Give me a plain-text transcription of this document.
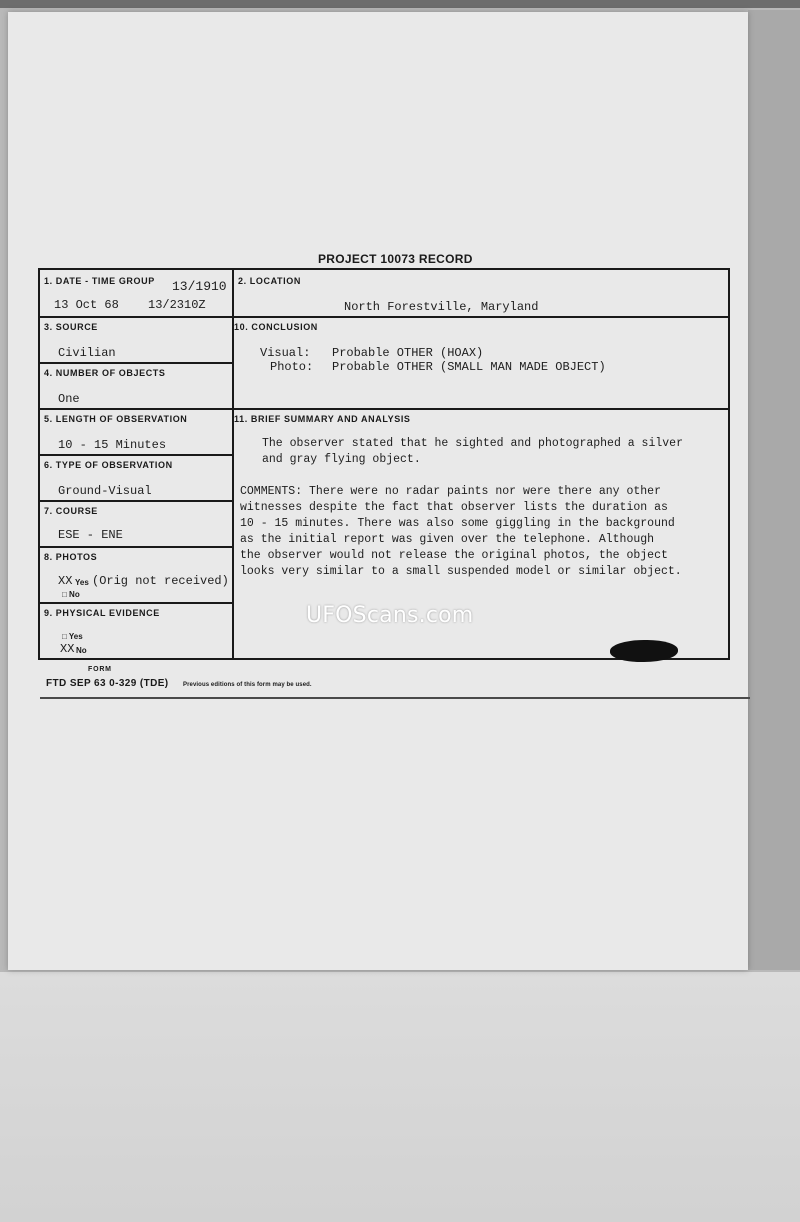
PROJECT 10073 RECORD
1. DATE - TIME GROUP 13/1910
13 Oct 68 13/2310Z
2. LOCATION
North Forestville, Maryland
3. SOURCE
Civilian
10. CONCLUSION
Visual: Probable OTHER (HOAX)
Photo: Probable OTHER (SMALL MAN MADE OBJECT)
4. NUMBER OF OBJECTS
One
5. LENGTH OF OBSERVATION
10 - 15 Minutes
11. BRIEF SUMMARY AND ANALYSIS

The observer stated that he sighted and photographed a silver

and gray flying object.

COMMENTS: There were no radar paints nor were there any other

witnesses despite the fact that observer lists the duration as

10 - 15 minutes. There was also some giggling in the background

as the initial report was given over the telephone. Although

the observer would not release the original photos, the object

looks very similar to a small suspended model or similar object.

6. TYPE OF OBSERVATION
Ground-Visual
7. COURSE
ESE - ENE
8. PHOTOS
XX Yes (Orig not received)
□ No
9. PHYSICAL EVIDENCE
□ Yes
XX No
FORM
FTD SEP 63 0-329 (TDE) Previous editions of this form may be used.
UFOScans.com
